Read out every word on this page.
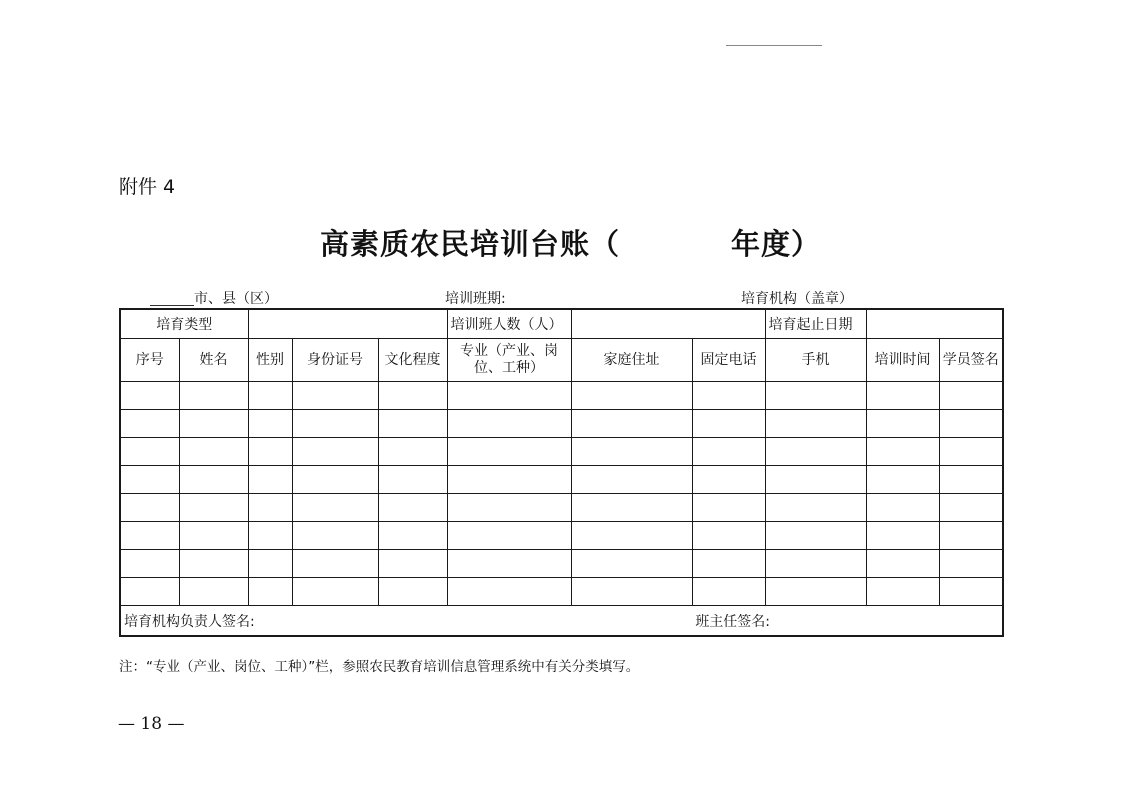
附件 4
高素质农民培训台账（          年度）
市、县（区）	培训班期:	培育机构（盖章）
培育类型					培训班人数（人）			培育起止日期		
序号	姓名	性别	身份证号	文化程度	专业（产业、岗位、工种）	家庭住址	固定电话	手机	培训时间	学员签名

培育机构负责人签名: 班主任签名:										
注：“专业（产业、岗位、工种）”栏，参照农民教育培训信息管理系统中有关分类填写。
— 18 —
